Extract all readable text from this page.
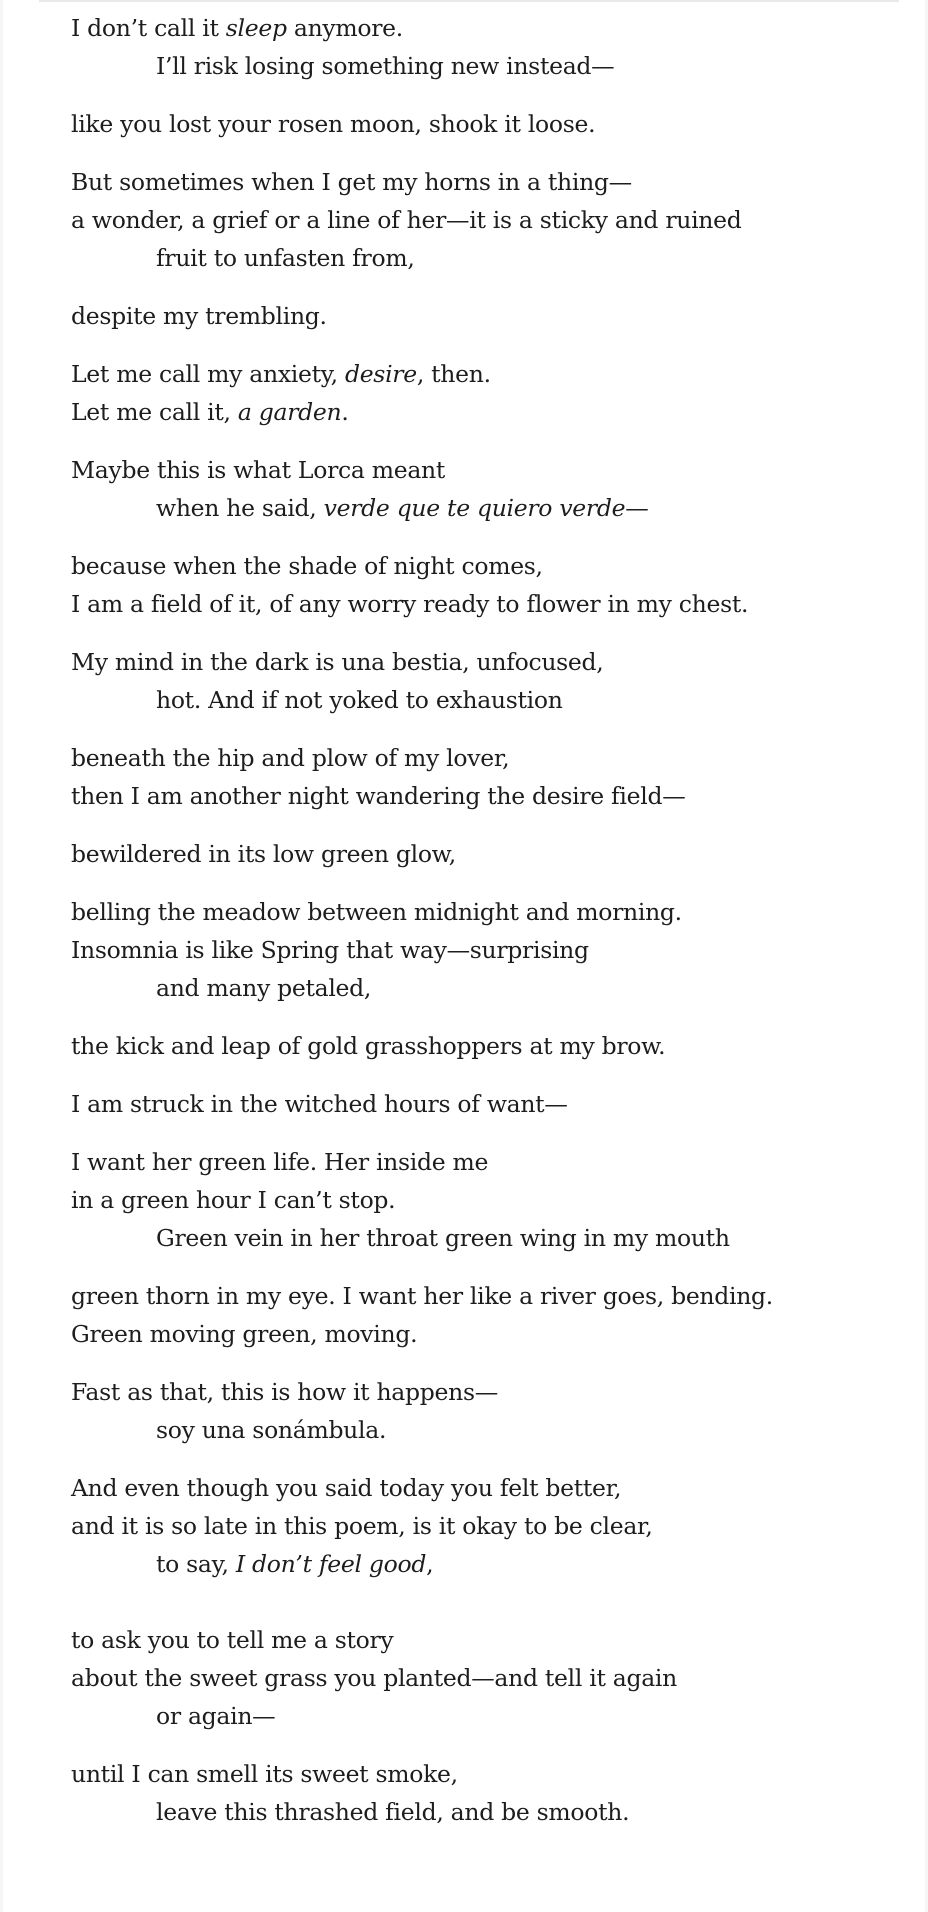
I don’t call it sleep anymore.
I’ll risk losing something new instead—
like you lost your rosen moon, shook it loose.
But sometimes when I get my horns in a thing—
a wonder, a grief or a line of her—it is a sticky and ruined
fruit to unfasten from,
despite my trembling.
Let me call my anxiety, desire, then.
Let me call it, a garden.
Maybe this is what Lorca meant
when he said, verde que te quiero verde—
because when the shade of night comes,
I am a field of it, of any worry ready to flower in my chest.
My mind in the dark is una bestia, unfocused,
hot. And if not yoked to exhaustion
beneath the hip and plow of my lover,
then I am another night wandering the desire field—
bewildered in its low green glow,
belling the meadow between midnight and morning.
Insomnia is like Spring that way—surprising
and many petaled,
the kick and leap of gold grasshoppers at my brow.
I am struck in the witched hours of want—
I want her green life. Her inside me
in a green hour I can’t stop.
Green vein in her throat green wing in my mouth
green thorn in my eye. I want her like a river goes, bending.
Green moving green, moving.
Fast as that, this is how it happens—
soy una sonámbula.
And even though you said today you felt better,
and it is so late in this poem, is it okay to be clear,
to say, I don’t feel good,
to ask you to tell me a story
about the sweet grass you planted—and tell it again
or again—
until I can smell its sweet smoke,
leave this thrashed field, and be smooth.
